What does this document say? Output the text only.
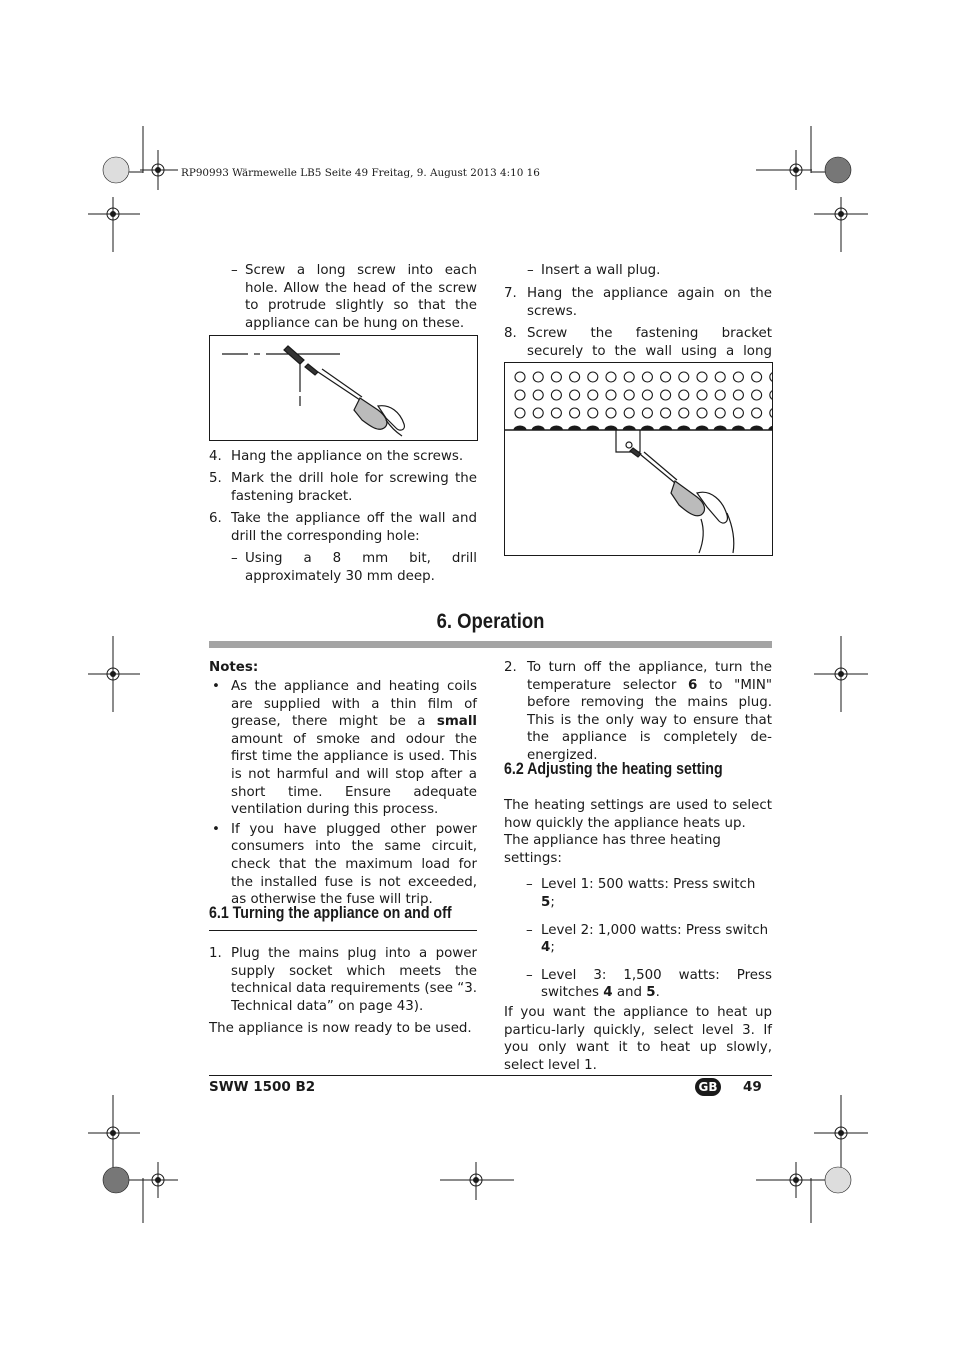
RP90993 Wärmewelle LB5 Seite 49 Freitag, 9. August 2013 4:10 16
– Screw a long screw into each hole. Allow the head of the screw to protrude slightly so that the appliance can be hung on these.
4. Hang the appliance on the screws.
5. Mark the drill hole for screwing the fastening bracket.
6. Take the appliance off the wall and drill the corresponding hole:
– Using a 8 mm bit, drill approximately 30 mm deep.
– Insert a wall plug.
7. Hang the appliance again on the screws.
8. Screw the fastening bracket securely to the wall using a long
6. Operation
Notes:
• As the appliance and heating coils are supplied with a thin film of grease, there might be a small amount of smoke and odour the first time the appliance is used. This is not harmful and will stop after a short time. Ensure adequate ventilation during this process.
• If you have plugged other power consumers into the same circuit, check that the maximum load for the installed fuse is not exceeded, as otherwise the fuse will trip.
6.1 Turning the appliance on and off
1. Plug the mains plug into a power supply socket which meets the technical data requirements (see “3. Technical data” on page 43).
The appliance is now ready to be used.
2. To turn off the appliance, turn the temperature selector 6 to "MIN" before removing the mains plug. This is the only way to ensure that the appliance is completely de-energized.
6.2 Adjusting the heating setting
The heating settings are used to select how quickly the appliance heats up.
The appliance has three heating settings:
– Level 1: 500 watts: Press switch 5;
– Level 2: 1,000 watts: Press switch 4;
– Level 3: 1,500 watts: Press switches 4 and 5.
If you want the appliance to heat up particu-larly quickly, select level 3. If you only want it to heat up slowly, select level 1.
SWW 1500 B2	GB 49
